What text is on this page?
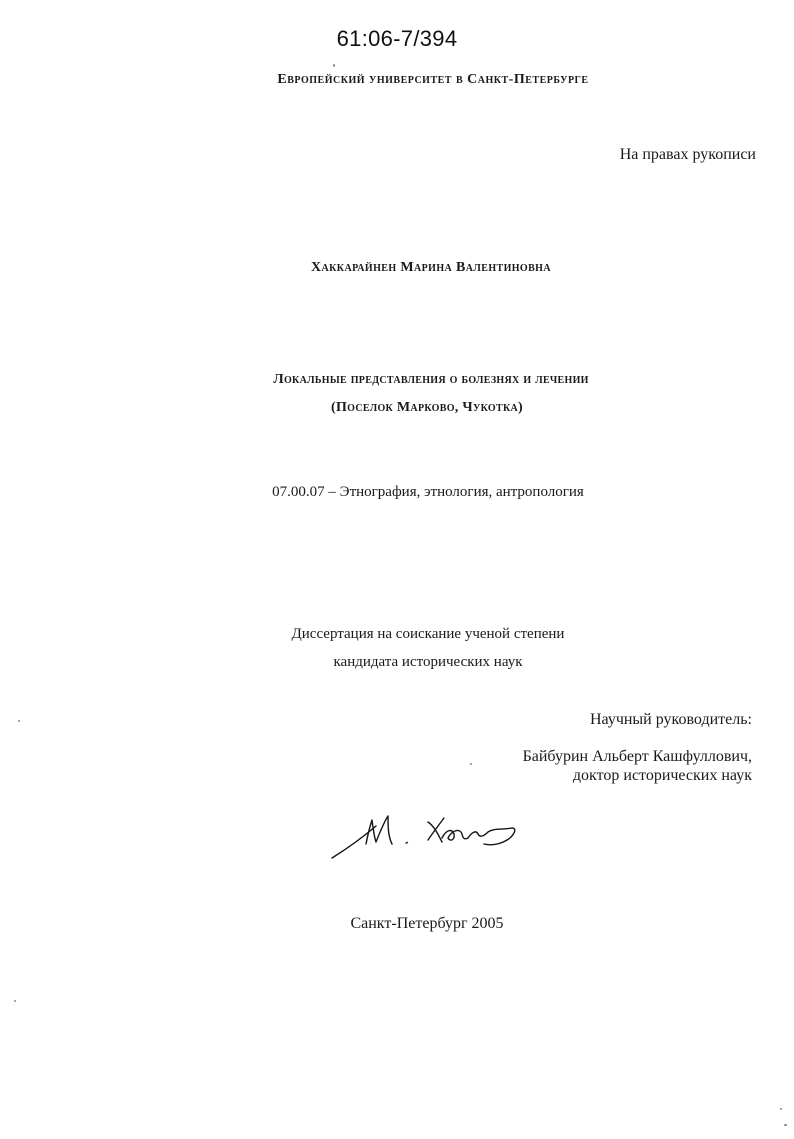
61:06-7/394

Европейский университет в Санкт-Петербурге

На правах рукописи

Хаккарайнен Марина Валентиновна

Локальные представления о болезнях и лечении

(Поселок Марково, Чукотка)

07.00.07 – Этнография, этнология, антропология

Диссертация на соискание ученой степени

кандидата исторических наук

Научный руководитель:

Байбурин Альберт Кашфуллович,

доктор исторических наук

Санкт-Петербург 2005
